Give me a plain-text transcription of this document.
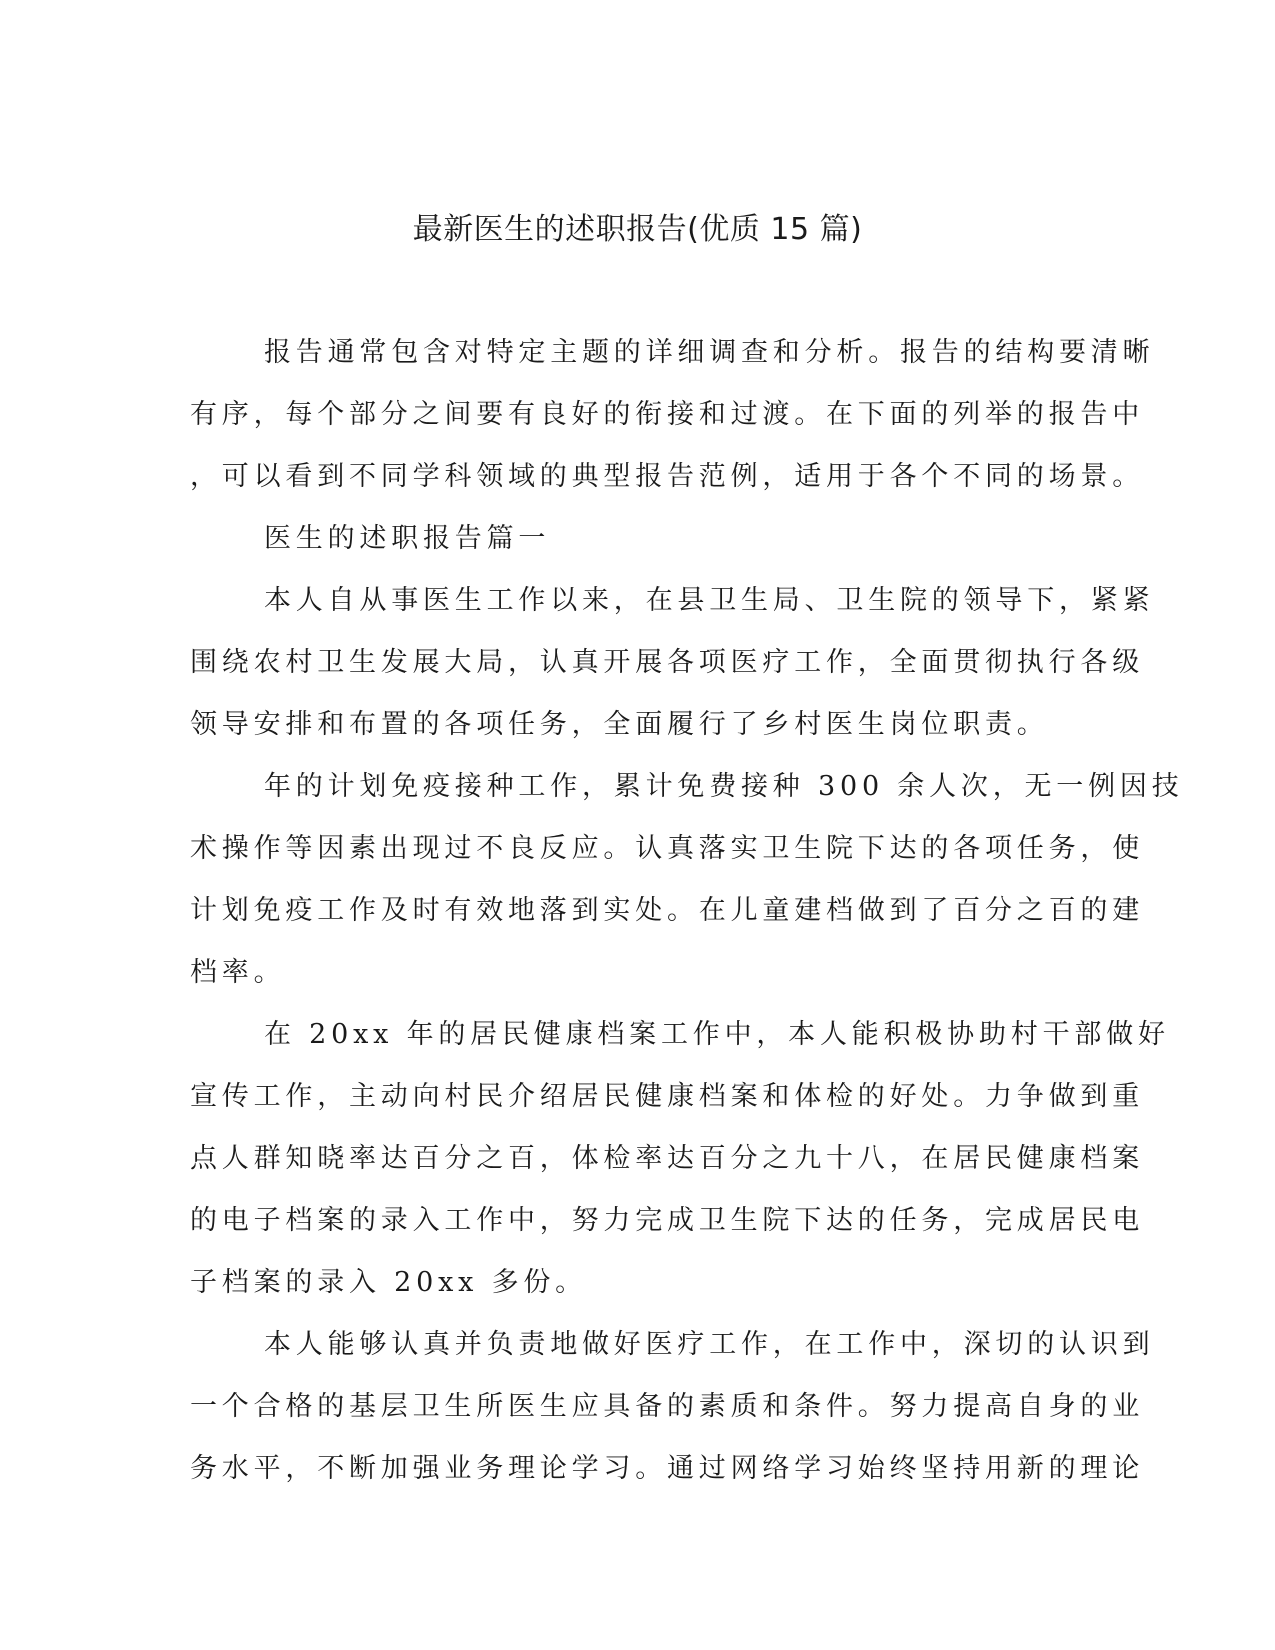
最新医生的述职报告(优质 15 篇)
报告通常包含对特定主题的详细调查和分析。报告的结构要清晰
有序，每个部分之间要有良好的衔接和过渡。在下面的列举的报告中
，可以看到不同学科领域的典型报告范例，适用于各个不同的场景。
医生的述职报告篇一
本人自从事医生工作以来，在县卫生局、卫生院的领导下，紧紧
围绕农村卫生发展大局，认真开展各项医疗工作，全面贯彻执行各级
领导安排和布置的各项任务，全面履行了乡村医生岗位职责。
年的计划免疫接种工作，累计免费接种 300 余人次，无一例因技
术操作等因素出现过不良反应。认真落实卫生院下达的各项任务，使
计划免疫工作及时有效地落到实处。在儿童建档做到了百分之百的建
档率。
在 20xx 年的居民健康档案工作中，本人能积极协助村干部做好
宣传工作，主动向村民介绍居民健康档案和体检的好处。力争做到重
点人群知晓率达百分之百，体检率达百分之九十八，在居民健康档案
的电子档案的录入工作中，努力完成卫生院下达的任务，完成居民电
子档案的录入 20xx 多份。
本人能够认真并负责地做好医疗工作，在工作中，深切的认识到
一个合格的基层卫生所医生应具备的素质和条件。努力提高自身的业
务水平，不断加强业务理论学习。通过网络学习始终坚持用新的理论
